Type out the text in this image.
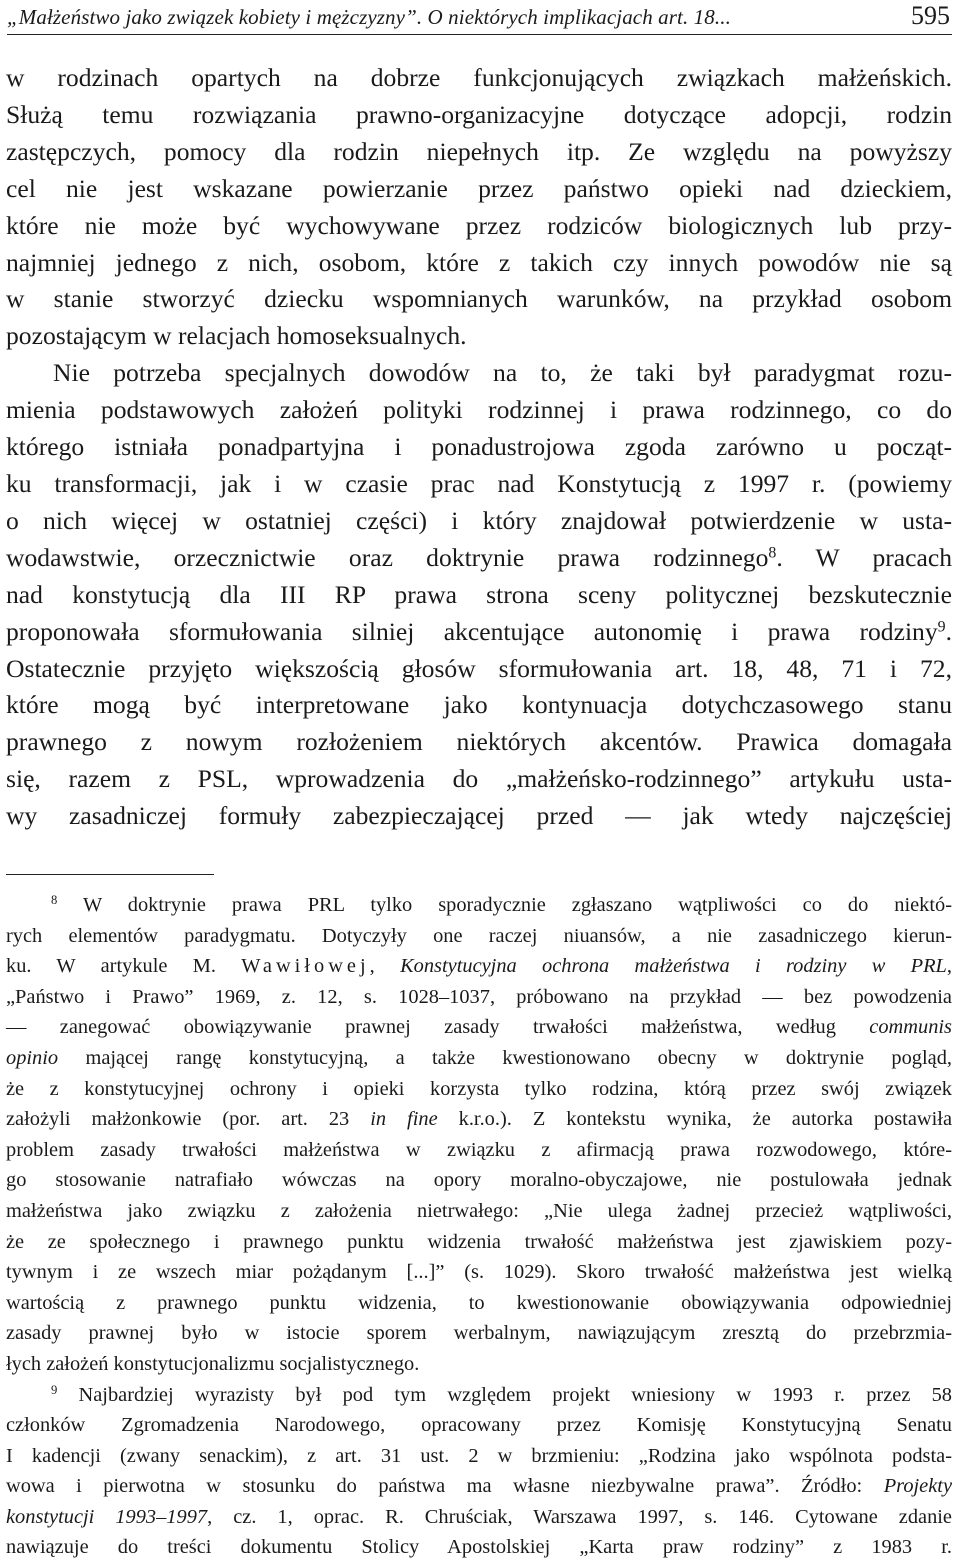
„Małżeństwo jako związek kobiety i mężczyzny”. O niektórych implikacjach art. 18...	595

w rodzinach opartych na dobrze funkcjonujących związkach małżeńskich.
Służą temu rozwiązania prawno-organizacyjne dotyczące adopcji, rodzin
zastępczych, pomocy dla rodzin niepełnych itp. Ze względu na powyższy
cel nie jest wskazane powierzanie przez państwo opieki nad dzieckiem,
które nie może być wychowywane przez rodziców biologicznych lub przy-
najmniej jednego z nich, osobom, które z takich czy innych powodów nie są
w stanie stworzyć dziecku wspomnianych warunków, na przykład osobom
pozostającym w relacjach homoseksualnych.

Nie potrzeba specjalnych dowodów na to, że taki był paradygmat rozu-
mienia podstawowych założeń polityki rodzinnej i prawa rodzinnego, co do
którego istniała ponadpartyjna i ponadustrojowa zgoda zarówno u począt-
ku transformacji, jak i w czasie prac nad Konstytucją z 1997 r. (powiemy
o nich więcej w ostatniej części) i który znajdował potwierdzenie w usta-
wodawstwie, orzecznictwie oraz doktrynie prawa rodzinnego$^8$. W pracach
nad konstytucją dla III RP prawa strona sceny politycznej bezskutecznie
proponowała sformułowania silniej akcentujące autonomię i prawa rodziny$^9$.
Ostatecznie przyjęto większością głosów sformułowania art. 18, 48, 71 i 72,
które mogą być interpretowane jako kontynuacja dotychczasowego stanu
prawnego z nowym rozłożeniem niektórych akcentów. Prawica domagała
się, razem z PSL, wprowadzenia do „małżeńsko-rodzinnego” artykułu usta-
wy zasadniczej formuły zabezpieczającej przed — jak wtedy najczęściej

$^8$ W doktrynie prawa PRL tylko sporadycznie zgłaszano wątpliwości co do niektó-
rych elementów paradygmatu. Dotyczyły one raczej niuansów, a nie zasadniczego kierun-
ku. W artykule M. Wawiłowej, Konstytucyjna ochrona małżeństwa i rodziny w PRL,
„Państwo i Prawo” 1969, z. 12, s. 1028–1037, próbowano na przykład — bez powodzenia
— zanegować obowiązywanie prawnej zasady trwałości małżeństwa, według communis
opinio mającej rangę konstytucyjną, a także kwestionowano obecny w doktrynie pogląd,
że z konstytucyjnej ochrony i opieki korzysta tylko rodzina, którą przez swój związek
założyli małżonkowie (por. art. 23 in fine k.r.o.). Z kontekstu wynika, że autorka postawiła
problem zasady trwałości małżeństwa w związku z afirmacją prawa rozwodowego, które-
go stosowanie natrafiało wówczas na opory moralno-obyczajowe, nie postulowała jednak
małżeństwa jako związku z założenia nietrwałego: „Nie ulega żadnej przecież wątpliwości,
że ze społecznego i prawnego punktu widzenia trwałość małżeństwa jest zjawiskiem pozy-
tywnym i ze wszech miar pożądanym [...]” (s. 1029). Skoro trwałość małżeństwa jest wielką
wartością z prawnego punktu widzenia, to kwestionowanie obowiązywania odpowiedniej
zasady prawnej było w istocie sporem werbalnym, nawiązującym zresztą do przebrzmia-
łych założeń konstytucjonalizmu socjalistycznego.
$^9$ Najbardziej wyrazisty był pod tym względem projekt wniesiony w 1993 r. przez 58
członków Zgromadzenia Narodowego, opracowany przez Komisję Konstytucyjną Senatu
I kadencji (zwany senackim), z art. 31 ust. 2 w brzmieniu: „Rodzina jako wspólnota podsta-
wowa i pierwotna w stosunku do państwa ma własne niezbywalne prawa”. Źródło: Projekty
konstytucji 1993–1997, cz. 1, oprac. R. Chruściak, Warszawa 1997, s. 146. Cytowane zdanie
nawiązuje do treści dokumentu Stolicy Apostolskiej „Karta praw rodziny” z 1983 r.
